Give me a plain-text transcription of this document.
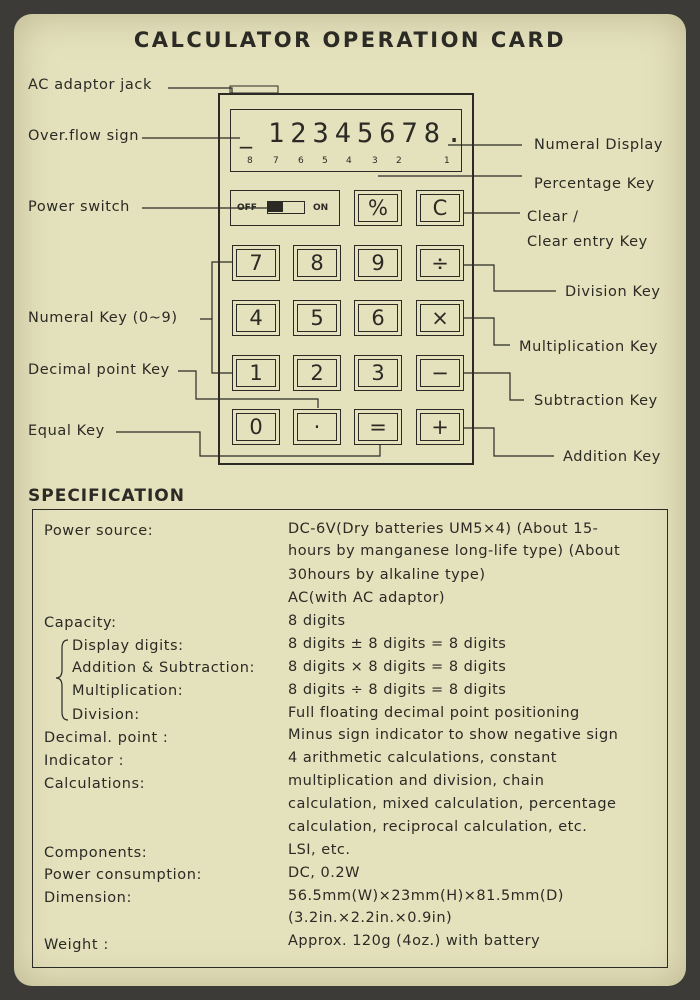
CALCULATOR OPERATION CARD
AC adaptor jack
Over.flow sign
Power switch
Numeral Key (0~9)
Decimal point Key
Equal Key
Numeral Display
Percentage Key
Clear /
Clear entry Key
Division Key
Multiplication Key
Subtraction Key
Addition Key
_ 12345678.
8 7 6 5 4 3 2	1
OFF	ON % C
7 8 9 ÷
4 5 6 ×
1 2 3 −
0 · = +
SPECIFICATION
Power source:	DC-6V(Dry batteries UM5×4) (About 15-
hours by manganese long-life type) (About
30hours by alkaline type)
AC(with AC adaptor)
Capacity:	8 digits
Display digits:	8 digits ± 8 digits = 8 digits
Addition & Subtraction: 8 digits × 8 digits = 8 digits
Multiplication:	8 digits ÷ 8 digits = 8 digits
Division:	Full floating decimal point positioning
Decimal. point :	Minus sign indicator to show negative sign
Indicator :	4 arithmetic calculations, constant
Calculations:	multiplication and division, chain
calculation, mixed calculation, percentage
calculation, reciprocal calculation, etc.
Components:	LSI, etc.
Power consumption:	DC, 0.2W
Dimension:	56.5mm(W)×23mm(H)×81.5mm(D)
(3.2in.×2.2in.×0.9in)
Weight :	Approx. 120g (4oz.) with battery
